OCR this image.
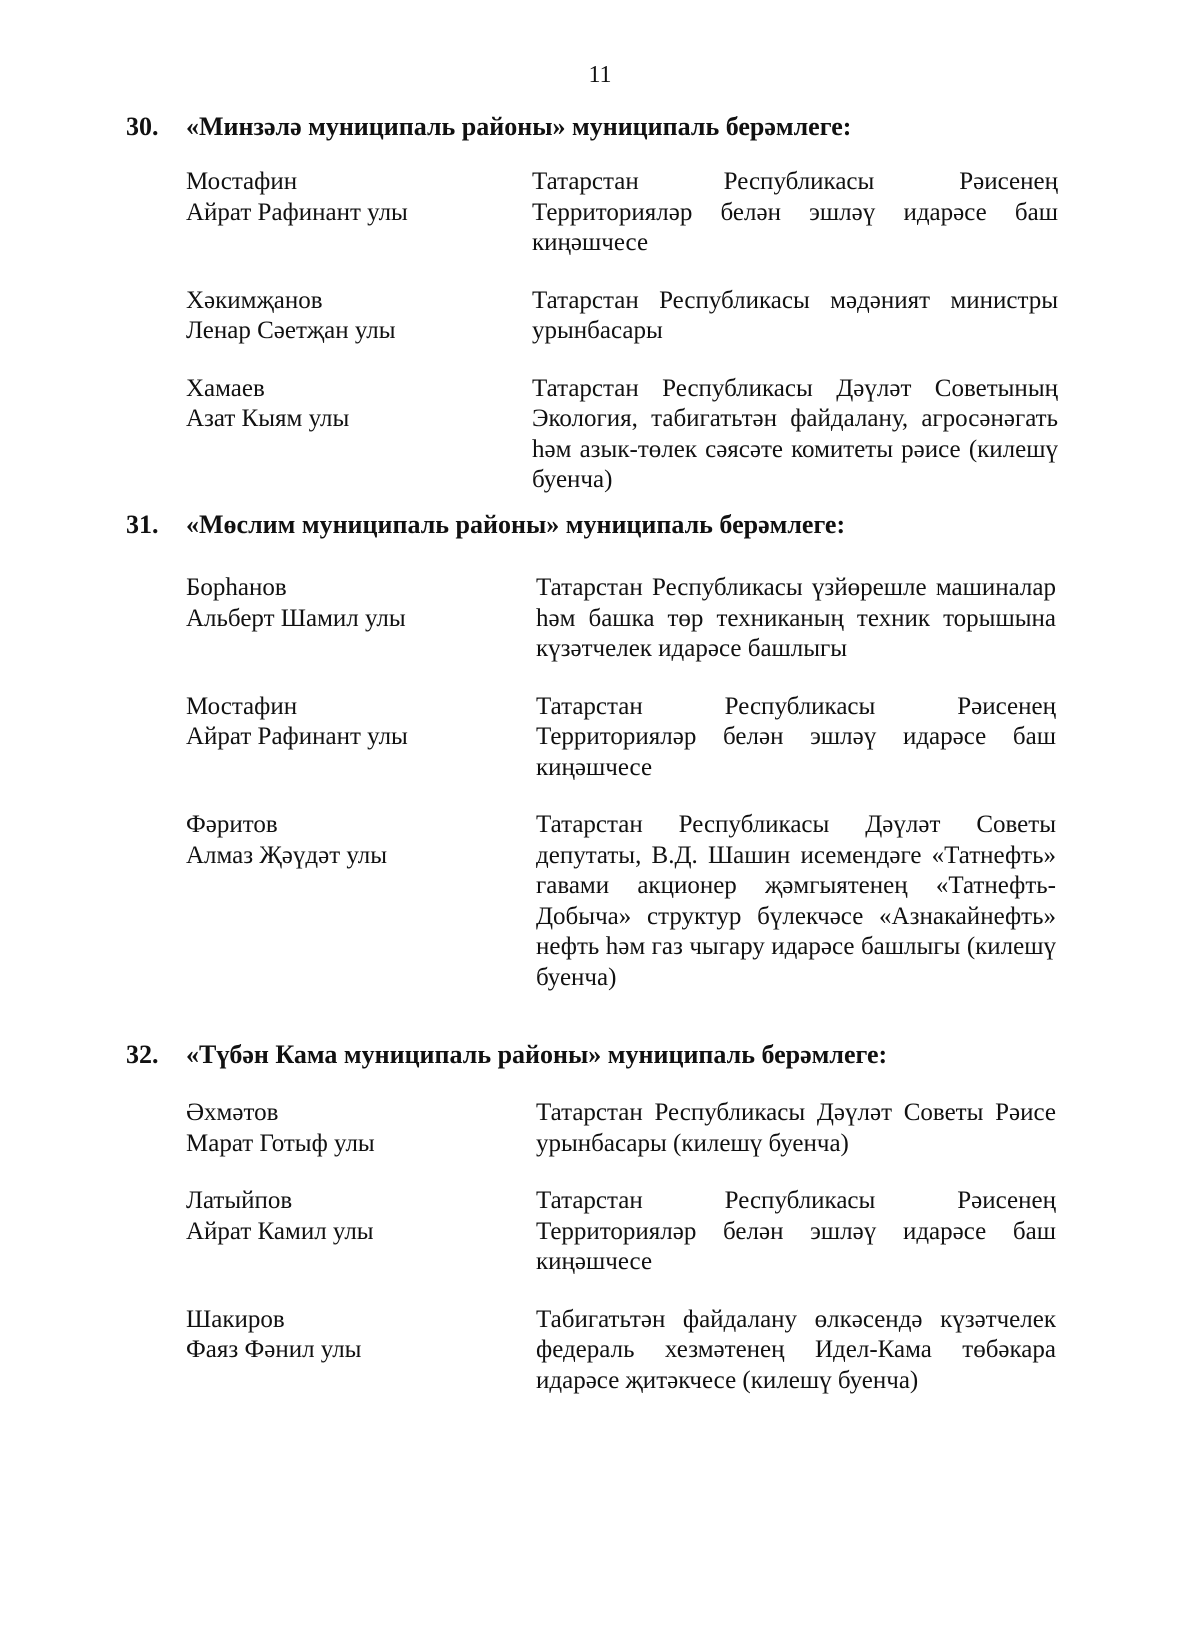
11
30. «Минзәлә муниципаль районы» муниципаль берәмлеге:
Мостафин
Айрат Рафинант улы
Татарстан Республикасы Рәисенең Территорияләр белән эшләү идарәсе баш киңәшчесе
Хәкимҗанов
Ленар Сәетҗан улы
Татарстан Республикасы мәдәният министры урынбасары
Хамаев
Азат Кыям улы
Татарстан Республикасы Дәүләт Советының Экология, табигатьтән файдалану, агросәнәгать һәм азык-төлек сәясәте комитеты рәисе (килешү буенча)
31. «Мөслим муниципаль районы» муниципаль берәмлеге:
Борһанов
Альберт Шамил улы
Татарстан Республикасы үзйөрешле машиналар һәм башка төр техниканың техник торышына күзәтчелек идарәсе башлыгы
Мостафин
Айрат Рафинант улы
Татарстан Республикасы Рәисенең Территорияләр белән эшләү идарәсе баш киңәшчесе
Фәритов
Алмаз Җәүдәт улы
Татарстан Республикасы Дәүләт Советы депутаты, В.Д. Шашин исемендәге «Татнефть» гавами акционер җәмгыятенең «Татнефть-Добыча» структур бүлекчәсе «Азнакайнефть» нефть һәм газ чыгару идарәсе башлыгы (килешү буенча)
32. «Түбән Кама муниципаль районы» муниципаль берәмлеге:
Әхмәтов
Марат Готыф улы
Татарстан Республикасы Дәүләт Советы Рәисе урынбасары (килешү буенча)
Латыйпов
Айрат Камил улы
Татарстан Республикасы Рәисенең Территорияләр белән эшләү идарәсе баш киңәшчесе
Шакиров
Фаяз Фәнил улы
Табигатьтән файдалану өлкәсендә күзәтчелек федераль хезмәтенең Идел-Кама төбәкара идарәсе җитәкчесе (килешү буенча)
